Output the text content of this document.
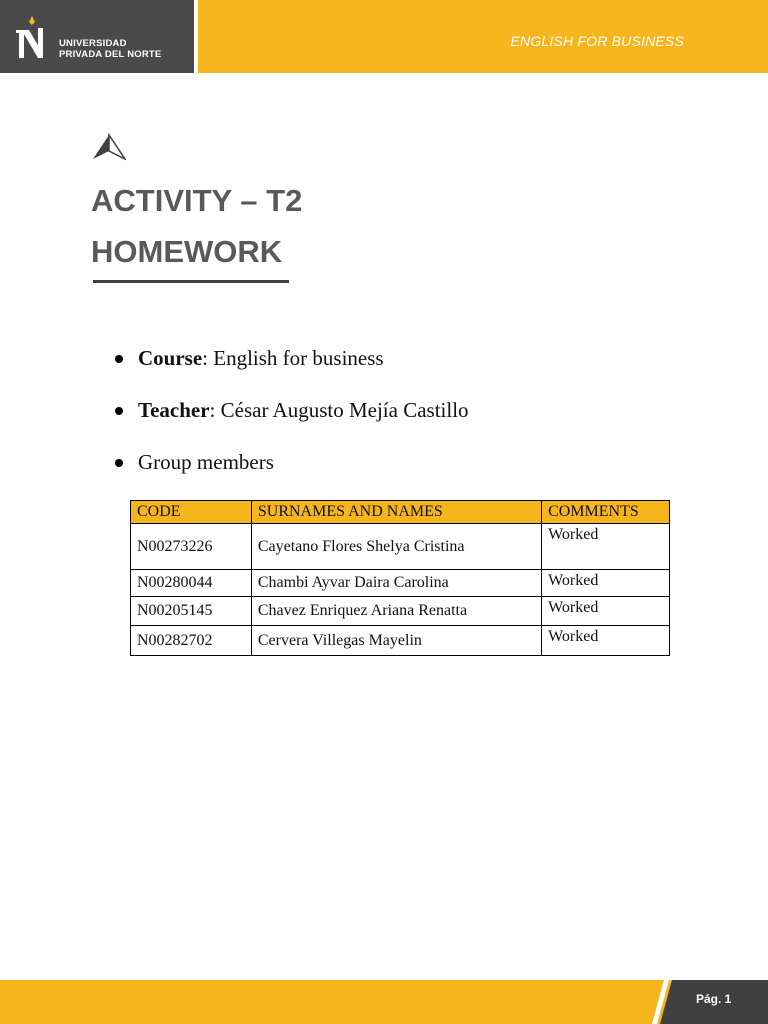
UNIVERSIDAD
PRIVADA DEL NORTE
ENGLISH FOR BUSINESS
ACTIVITY – T2
HOMEWORK
Course: English for business
Teacher: César Augusto Mejía Castillo
Group members
CODE	SURNAMES AND NAMES	COMMENTS
N00273226	Cayetano Flores Shelya Cristina	Worked
N00280044	Chambi Ayvar Daira Carolina	Worked
N00205145	Chavez Enriquez Ariana Renatta	Worked
N00282702	Cervera Villegas Mayelin	Worked
Pág. 1
